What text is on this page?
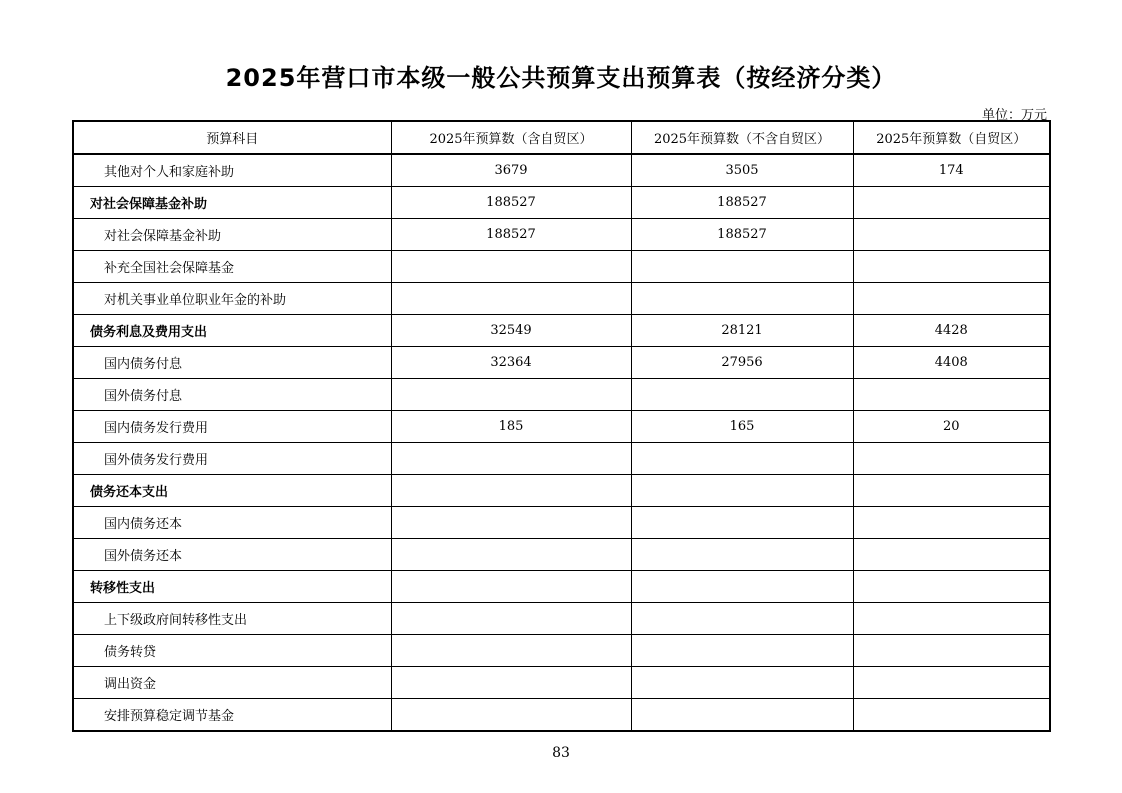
2025年营口市本级一般公共预算支出预算表（按经济分类）
单位：万元
预算科目	2025年预算数（含自贸区）	2025年预算数（不含自贸区）	2025年预算数（自贸区）
其他对个人和家庭补助	3679	3505	174
对社会保障基金补助	188527	188527	
对社会保障基金补助	188527	188527	
补充全国社会保障基金			
对机关事业单位职业年金的补助			
债务利息及费用支出	32549	28121	4428
国内债务付息	32364	27956	4408
国外债务付息			
国内债务发行费用	185	165	20
国外债务发行费用			
债务还本支出			
国内债务还本			
国外债务还本			
转移性支出			
上下级政府间转移性支出			
债务转贷			
调出资金			
安排预算稳定调节基金			
83
